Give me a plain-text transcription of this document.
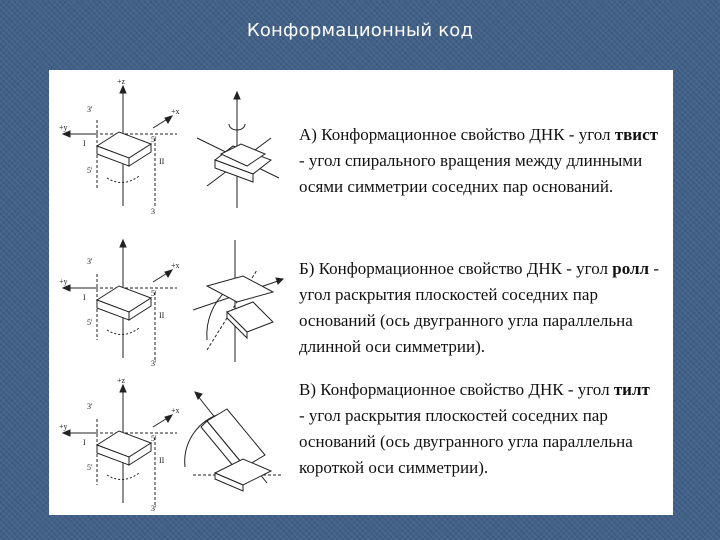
Конформационный код
+z
+y
+x
3'
5'
I
II
5'
3
А) Конформационное свойство ДНК - угол твист - угол спирального вращения между длинными осями симметрии соседних пар оснований.
3'
+y
+x
5'
I
II
5'
3'
Б) Конформационное свойство ДНК - угол ролл - угол раскрытия плоскостей соседних пар оснований (ось двугранного угла параллельна длинной оси симметрии).
+z
3'
+y
+x
5'
I
II
5'
3'
В) Конформационное свойство ДНК - угол тилт - угол раскрытия плоскостей соседних пар оснований (ось двугранного угла параллельна короткой оси симметрии).
